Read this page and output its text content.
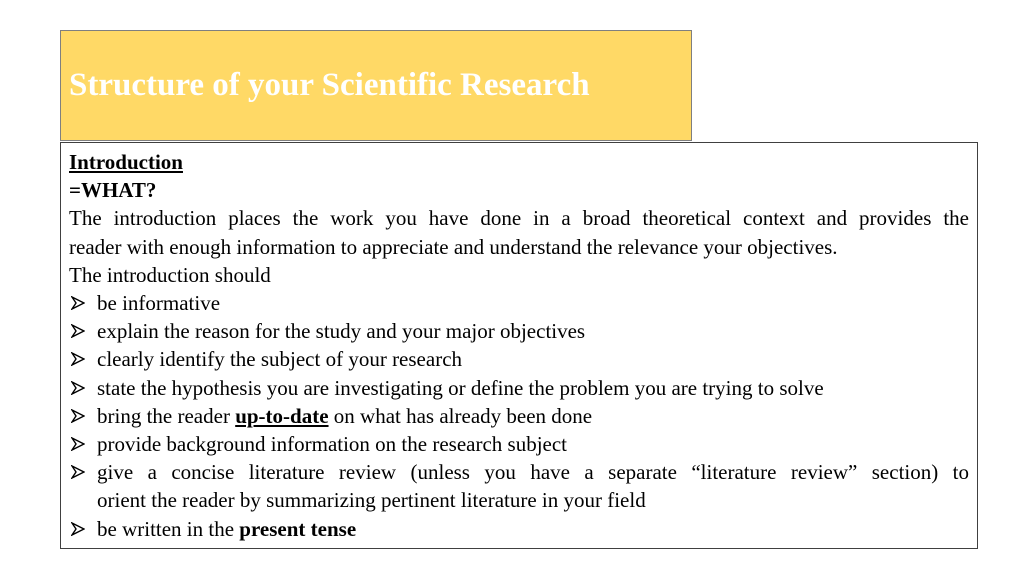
Structure of your Scientific Research
Introduction
=WHAT?
The introduction places the work you have done in a broad theoretical context and provides the
reader with enough information to appreciate and understand the relevance your objectives.
The introduction should
be informative
explain the reason for the study and your major objectives
clearly identify the subject of your research
state the hypothesis you are investigating or define the problem you are trying to solve
bring the reader up-to-date on what has already been done
provide background information on the research subject
give a concise literature review (unless you have a separate “literature review” section) to
orient the reader by summarizing pertinent literature in your field
be written in the present tense
